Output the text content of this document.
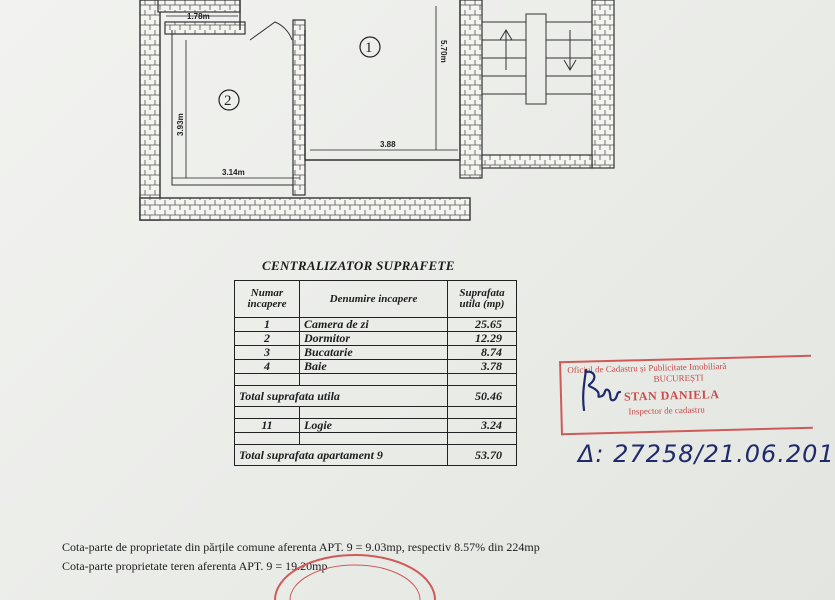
1.78m
5.70m
3.93m
3.14m
3.88
1
2
CENTRALIZATOR SUPRAFETE
Numar incapere	Denumire incapere	Suprafata utila (mp)
1	Camera de zi	25.65
2	Dormitor	12.29
3	Bucatarie	8.74
4	Baie	3.78

Total suprafata utila		50.46

11	Logie	3.24

Total suprafata apartament 9		53.70
Oficiul de Cadastru și Publicitate Imobiliară
BUCUREȘTI
STAN DANIELA
Inspector de cadastru
Δ: 27258/21.06.201
Cota-parte de proprietate din părțile comune aferenta APT. 9 = 9.03mp, respectiv 8.57% din 224mp
Cota-parte proprietate teren aferenta APT. 9 = 19.20mp
